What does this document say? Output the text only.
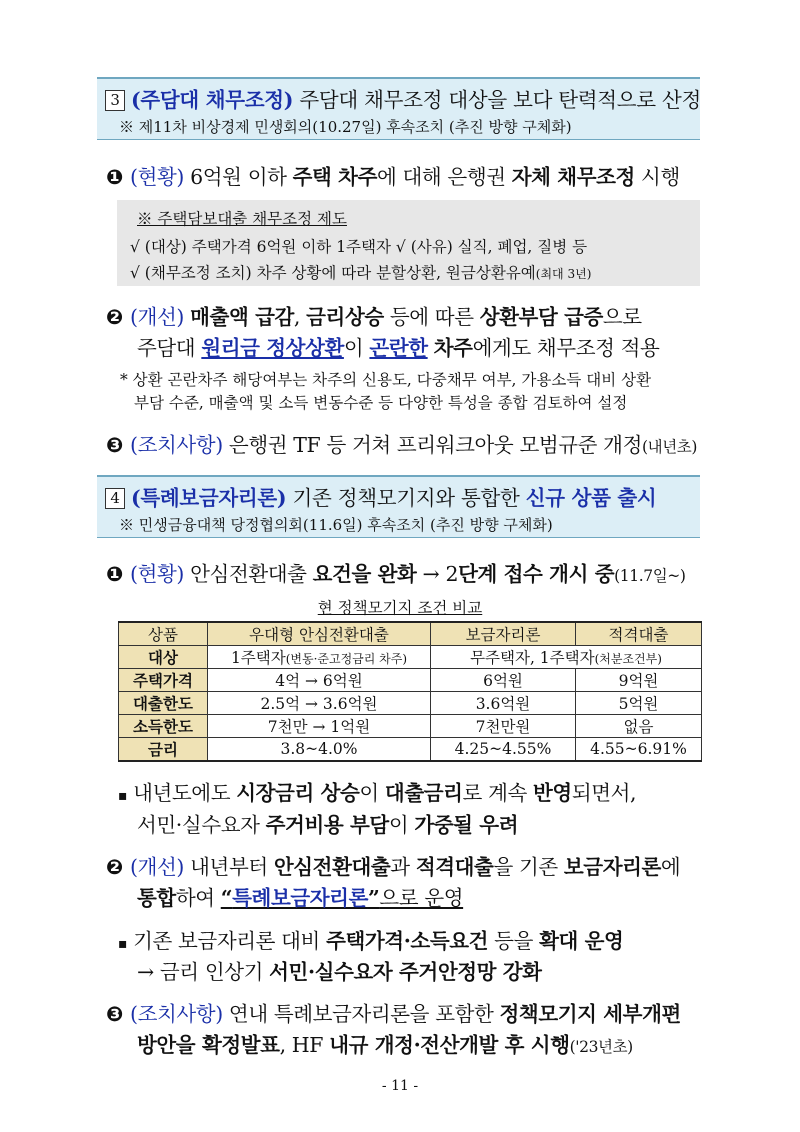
3 (주담대 채무조정) 주담대 채무조정 대상을 보다 탄력적으로 산정
※ 제11차 비상경제 민생회의(10.27일) 후속조치 (추진 방향 구체화)
❶ (현황) 6억원 이하 주택 차주에 대해 은행권 자체 채무조정 시행
※ 주택담보대출 채무조정 제도
√ (대상) 주택가격 6억원 이하 1주택자 √ (사유) 실직, 폐업, 질병 등
√ (채무조정 조치) 차주 상황에 따라 분할상환, 원금상환유예(최대 3년)
❷ (개선) 매출액 급감, 금리상승 등에 따른 상환부담 급증으로
주담대 원리금 정상상환이 곤란한 차주에게도 채무조정 적용
* 상환 곤란차주 해당여부는 차주의 신용도, 다중채무 여부, 가용소득 대비 상환
부담 수준, 매출액 및 소득 변동수준 등 다양한 특성을 종합 검토하여 설정
❸ (조치사항) 은행권 TF 등 거쳐 프리워크아웃 모범규준 개정(내년초)
4 (특례보금자리론) 기존 정책모기지와 통합한 신규 상품 출시
※ 민생금융대책 당정협의회(11.6일) 후속조치 (추진 방향 구체화)
❶ (현황) 안심전환대출 요건을 완화 → 2단계 접수 개시 중(11.7일~)
현 정책모기지 조건 비교
상품	우대형 안심전환대출	보금자리론	적격대출
대상	1주택자(변동·준고정금리 차주)	무주택자, 1주택자(처분조건부)	
주택가격	4억 → 6억원	6억원	9억원
대출한도	2.5억 → 3.6억원	3.6억원	5억원
소득한도	7천만 → 1억원	7천만원	없음
금리	3.8~4.0%	4.25~4.55%	4.55~6.91%
▪ 내년도에도 시장금리 상승이 대출금리로 계속 반영되면서,
서민·실수요자 주거비용 부담이 가중될 우려
❷ (개선) 내년부터 안심전환대출과 적격대출을 기존 보금자리론에
통합하여 “특례보금자리론”으로 운영
▪ 기존 보금자리론 대비 주택가격·소득요건 등을 확대 운영
→ 금리 인상기 서민·실수요자 주거안정망 강화
❸ (조치사항) 연내 특례보금자리론을 포함한 정책모기지 세부개편
방안을 확정발표, HF 내규 개정·전산개발 후 시행('23년초)
- 11 -
